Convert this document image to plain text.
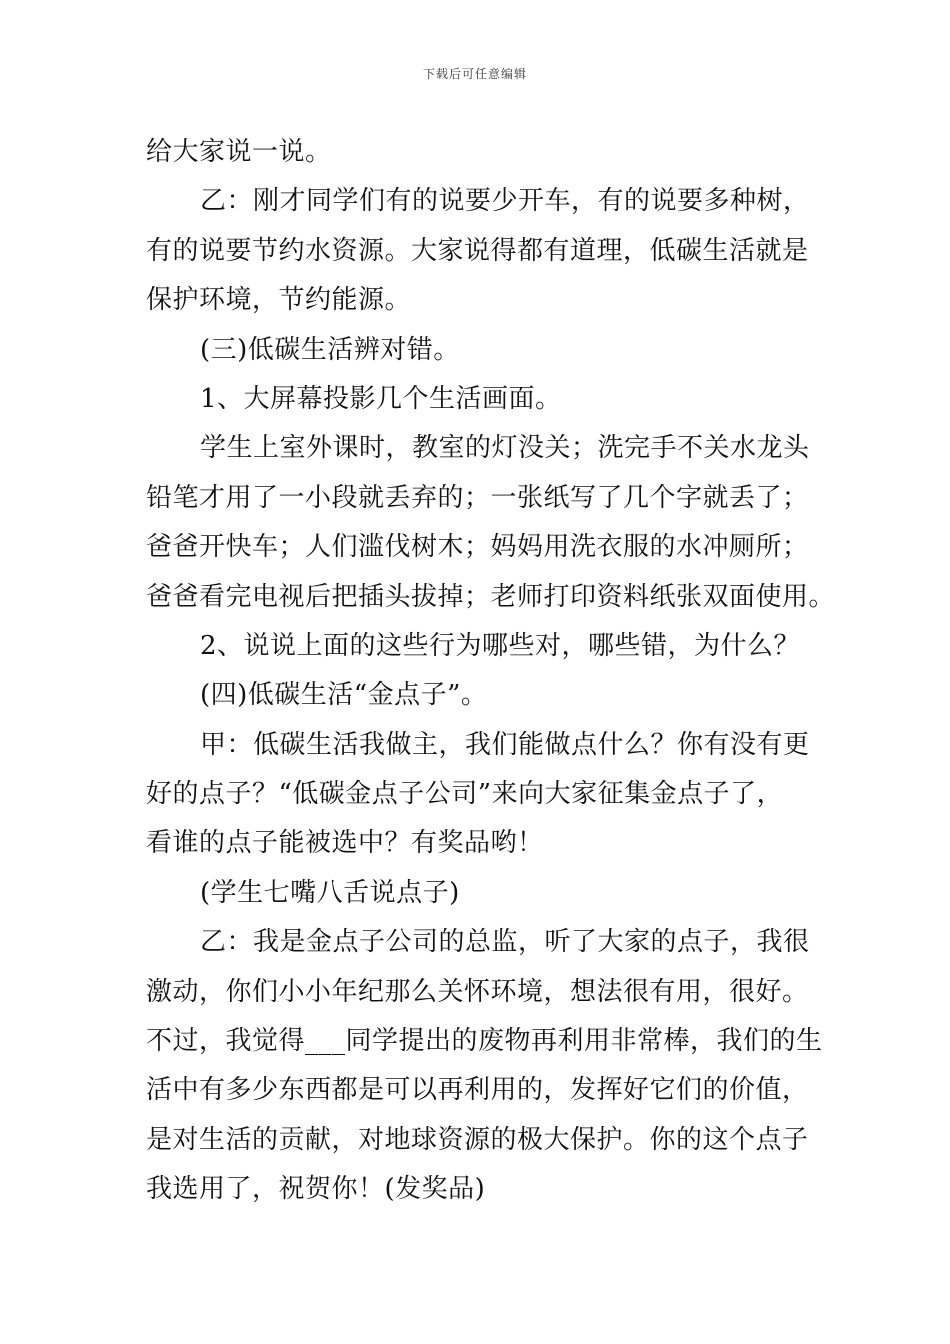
下载后可任意编辑
给大家说一说。
乙：刚才同学们有的说要少开车，有的说要多种树，
有的说要节约水资源。大家说得都有道理，低碳生活就是
保护环境，节约能源。
(三)低碳生活辨对错。
1、大屏幕投影几个生活画面。
学生上室外课时，教室的灯没关；洗完手不关水龙头
铅笔才用了一小段就丢弃的；一张纸写了几个字就丢了；
爸爸开快车；人们滥伐树木；妈妈用洗衣服的水冲厕所；
爸爸看完电视后把插头拔掉；老师打印资料纸张双面使用。
2、说说上面的这些行为哪些对，哪些错，为什么？
(四)低碳生活“金点子”。
甲：低碳生活我做主，我们能做点什么？你有没有更
好的点子？“低碳金点子公司”来向大家征集金点子了，
看谁的点子能被选中？有奖品哟！
(学生七嘴八舌说点子)
乙：我是金点子公司的总监，听了大家的点子，我很
激动，你们小小年纪那么关怀环境，想法很有用，很好。
不过，我觉得___同学提出的废物再利用非常棒，我们的生
活中有多少东西都是可以再利用的，发挥好它们的价值，
是对生活的贡献，对地球资源的极大保护。你的这个点子
我选用了，祝贺你！(发奖品)
